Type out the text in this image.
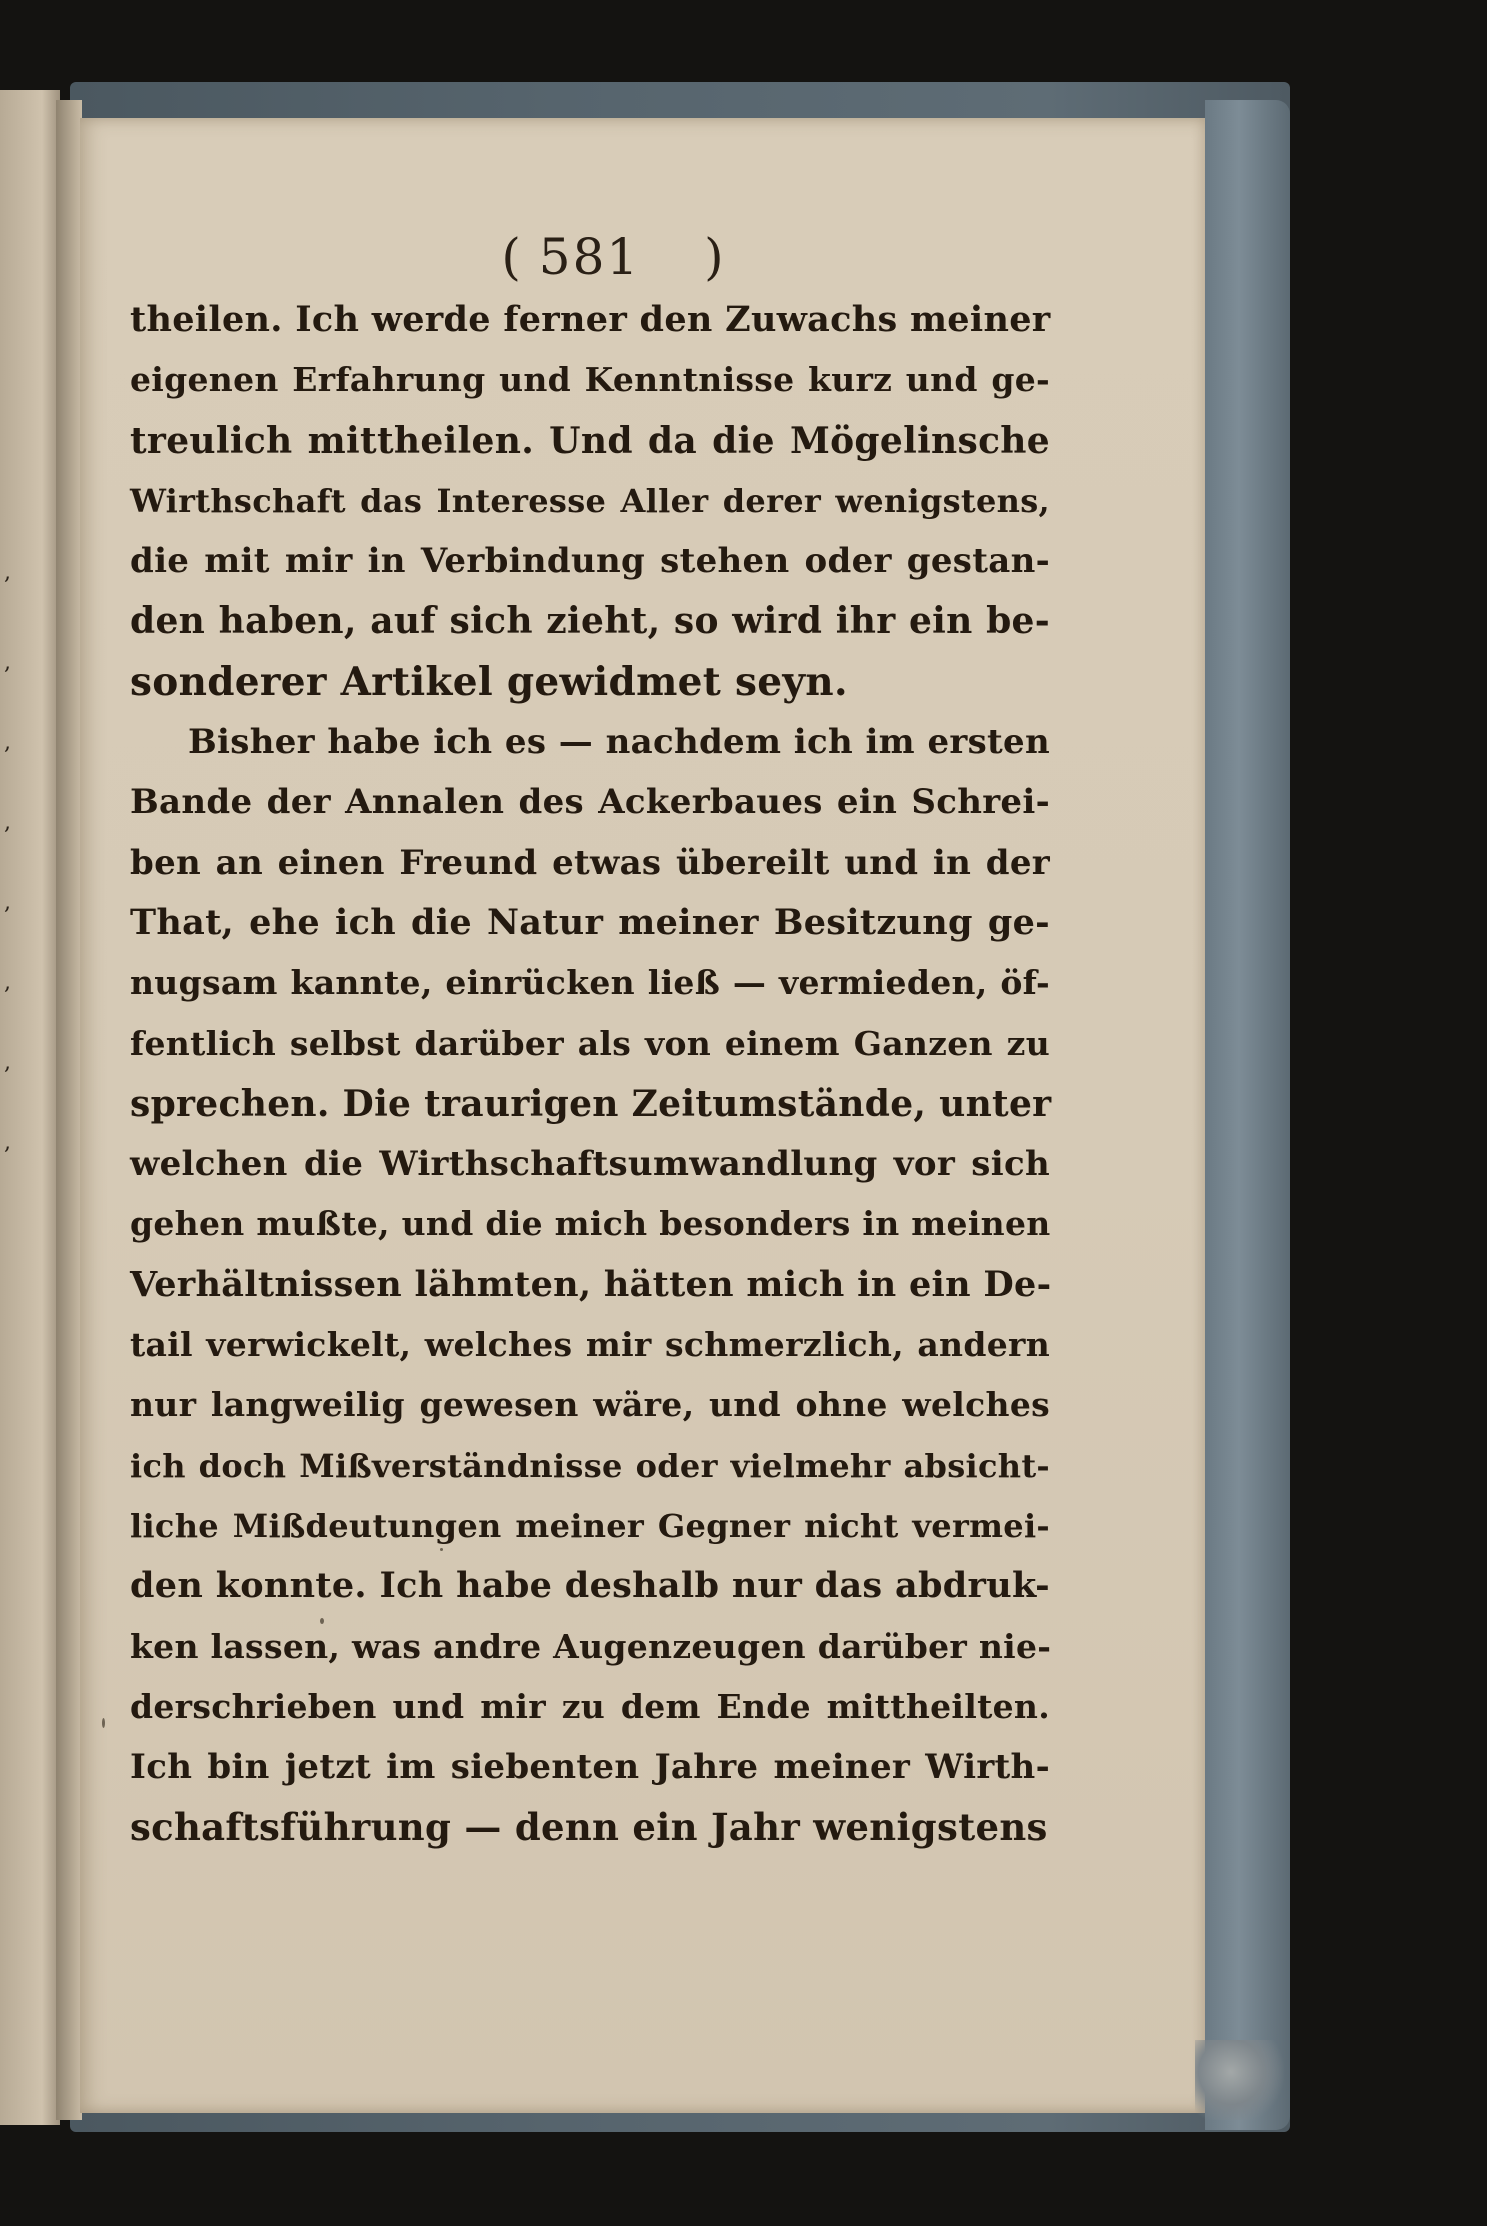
,
,
,
,
,
,
,
,
( 581 )
theilen. Ich werde ferner den Zuwachs meiner
eigenen Erfahrung und Kenntnisse kurz und ge-
treulich mittheilen. Und da die Mögelinsche
Wirthschaft das Interesse Aller derer wenigstens,
die mit mir in Verbindung stehen oder gestan-
den haben, auf sich zieht, so wird ihr ein be-
sonderer Artikel gewidmet seyn.
Bisher habe ich es — nachdem ich im ersten
Bande der Annalen des Ackerbaues ein Schrei-
ben an einen Freund etwas übereilt und in der
That, ehe ich die Natur meiner Besitzung ge-
nugsam kannte, einrücken ließ — vermieden, öf-
fentlich selbst darüber als von einem Ganzen zu
sprechen. Die traurigen Zeitumstände, unter
welchen die Wirthschaftsumwandlung vor sich
gehen mußte, und die mich besonders in meinen
Verhältnissen lähmten, hätten mich in ein De-
tail verwickelt, welches mir schmerzlich, andern
nur langweilig gewesen wäre, und ohne welches
ich doch Mißverständnisse oder vielmehr absicht-
liche Mißdeutungen meiner Gegner nicht vermei-
den konnte. Ich habe deshalb nur das abdruk-
ken lassen, was andre Augenzeugen darüber nie-
derschrieben und mir zu dem Ende mittheilten.
Ich bin jetzt im siebenten Jahre meiner Wirth-
schaftsführung — denn ein Jahr wenigstens
